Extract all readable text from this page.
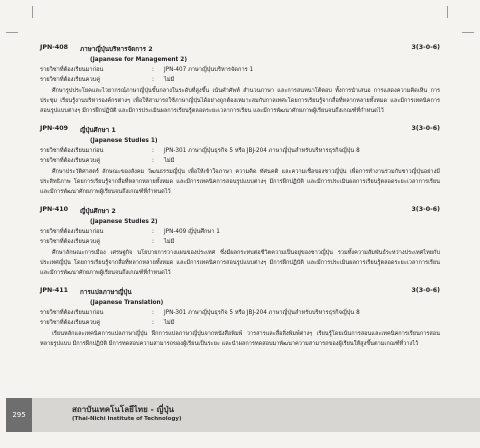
JPN-408 ภาษาญี่ปุ่นบริหารจัดการ 2	3(3-0-6)
(Japanese for Management 2)
รายวิชาที่ต้องเรียนมาก่อน	: JPN-407 ภาษาญี่ปุ่นบริหารจัดการ 1
รายวิชาที่ต้องเรียนควบคู่	: ไม่มี
ศึกษารูปประโยคและไวยากรณ์ภาษาญี่ปุ่นขั้นกลางในระดับที่สูงขึ้น เน้นคำศัพท์ สำนวนภาษา และการสนทนาโต้ตอบ ทั้งการนำเสนอ การแสดงความคิดเห็น การประชุม เรียนรู้งานบริหารองค์กรต่างๆ เพื่อให้สามารถใช้ภาษาญี่ปุ่นได้อย่างถูกต้องเหมาะสมกับกาลเทศะโดยการเรียนรู้จากสื่อที่หลากหลายทั้งหมด และมีการเทคนิคการสอนรูปแบบต่างๆ มีการฝึกปฏิบัติ และมีการประเมินผลการเรียนรู้ตลอดระยะเวลาการเรียน และมีการพัฒนาศักยภาพผู้เรียนจนถึงเกณฑ์ที่กำหนดไว้
JPN-409 ญี่ปุ่นศึกษา 1	3(3-0-6)
(Japanese Studies 1)
รายวิชาที่ต้องเรียนมาก่อน	: JPN-301 ภาษาญี่ปุ่นธุรกิจ 5 หรือ JBJ-204 ภาษาญี่ปุ่นสำหรับบริหารธุรกิจญี่ปุ่น 8
รายวิชาที่ต้องเรียนควบคู่	: ไม่มี
ศึกษาประวัติศาสตร์ ลักษณะของสังคม วัฒนธรรมญี่ปุ่น เพื่อให้เข้าใจภาษา ความคิด ทัศนคติ และความเชื่อของชาวญี่ปุ่น เพื่อการทำงานร่วมกับชาวญี่ปุ่นอย่างมีประสิทธิภาพ โดยการเรียนรู้จากสื่อที่หลากหลายทั้งหมด และมีการเทคนิคการสอนรูปแบบต่างๆ มีการฝึกปฏิบัติ และมีการประเมินผลการเรียนรู้ตลอดระยะเวลาการเรียน และมีการพัฒนาศักยภาพผู้เรียนจนถึงเกณฑ์ที่กำหนดไว้
JPN-410 ญี่ปุ่นศึกษา 2	3(3-0-6)
(Japanese Studies 2)
รายวิชาที่ต้องเรียนมาก่อน	: JPN-409 ญี่ปุ่นศึกษา 1
รายวิชาที่ต้องเรียนควบคู่	: ไม่มี
ศึกษาลักษณะการเมือง เศรษฐกิจ นโยบายการวางแผนของประเทศ ซึ่งมีผลกระทบต่อชีวิตความเป็นอยู่ของชาวญี่ปุ่น รวมทั้งความสัมพันธ์ระหว่างประเทศไทยกับประเทศญี่ปุ่น โดยการเรียนรู้จากสื่อที่หลากหลายทั้งหมด และมีการเทคนิคการสอนรูปแบบต่างๆ มีการฝึกปฏิบัติ และมีการประเมินผลการเรียนรู้ตลอดระยะเวลาการเรียน และมีการพัฒนาศักยภาพผู้เรียนจนถึงเกณฑ์ที่กำหนดไว้
JPN-411 การแปลภาษาญี่ปุ่น	3(3-0-6)
(Japanese Translation)
รายวิชาที่ต้องเรียนมาก่อน	: JPN-301 ภาษาญี่ปุ่นธุรกิจ 5 หรือ JBJ-204 ภาษาญี่ปุ่นสำหรับบริหารธุรกิจญี่ปุ่น 8
รายวิชาที่ต้องเรียนควบคู่	: ไม่มี
เรียนหลักและเทคนิคการแปลภาษาญี่ปุ่น ฝึกการแปลภาษาญี่ปุ่นจากหนังสือพิมพ์ วารสารและสื่อสิ่งพิมพ์ต่างๆ เรียนรู้โดยเน้นการสอนและเทคนิคการเรียนการสอนหลายรูปแบบ มีการฝึกปฏิบัติ มีการทดสอบความสามารถของผู้เรียนเป็นระยะ และนำผลการทดสอบมาพัฒนาความสามารถของผู้เรียนให้สูงขึ้นตามเกณฑ์ที่วางไว้
295
สถาบันเทคโนโลยีไทย - ญี่ปุ่น
(Thai-Nichi Institute of Technology)
